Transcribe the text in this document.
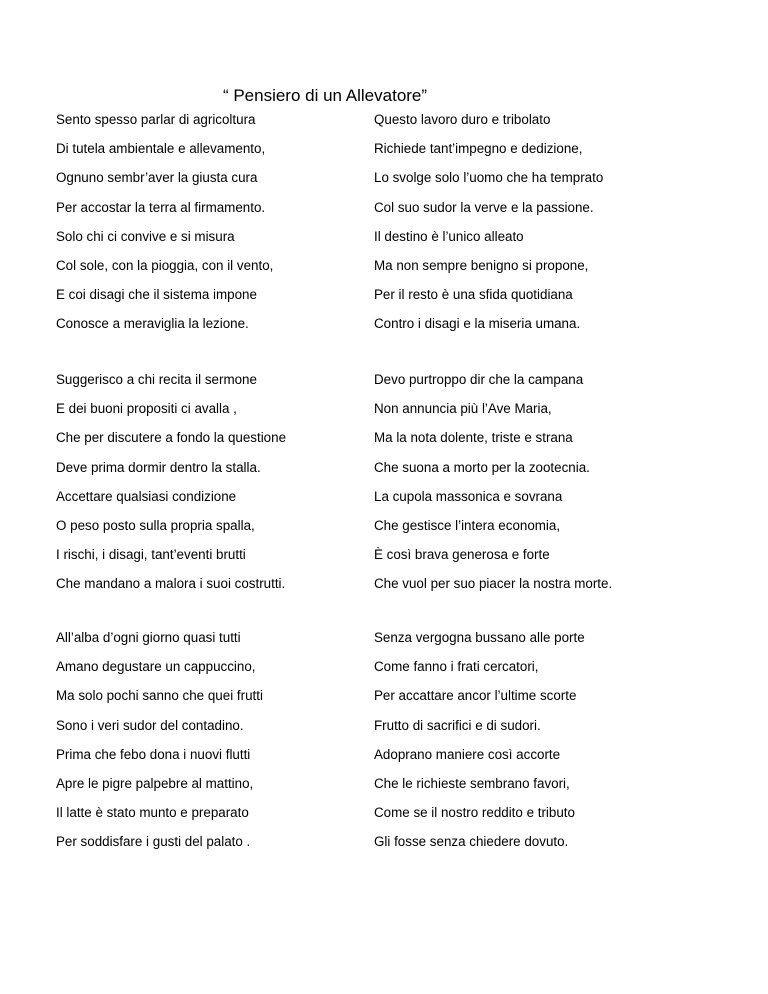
“ Pensiero di un Allevatore”
Sento spesso parlar di agricoltura
Di tutela ambientale e allevamento,
Ognuno sembr’aver la giusta cura
Per accostar la terra al firmamento.
Solo chi ci convive e si misura
Col sole, con la pioggia, con il vento,
E coi disagi che il sistema impone
Conosce a meraviglia la lezione.
Questo lavoro duro e tribolato
Richiede tant’impegno e dedizione,
Lo svolge solo l’uomo che ha temprato
Col suo sudor la verve e la passione.
Il destino è l’unico alleato
Ma non sempre benigno si propone,
Per il resto è una sfida quotidiana
Contro i disagi e la miseria umana.
Suggerisco a chi recita il sermone
E dei buoni propositi ci avalla ,
Che per discutere a fondo la questione
Deve prima dormir dentro la stalla.
Accettare qualsiasi condizione
O peso posto sulla propria spalla,
I rischi, i disagi, tant’eventi brutti
Che mandano a malora i suoi costrutti.
Devo purtroppo dir che la campana
Non annuncia più l’Ave Maria,
Ma la nota dolente, triste e strana
Che suona a morto per la zootecnia.
La cupola massonica e sovrana
Che gestisce l’intera economia,
È così brava generosa e forte
Che vuol per suo piacer la nostra morte.
All’alba d’ogni giorno quasi tutti
Amano degustare un cappuccino,
Ma solo pochi sanno che quei frutti
Sono i veri sudor del contadino.
Prima che febo dona i nuovi flutti
Apre le pigre palpebre al mattino,
Il latte è stato munto e preparato
Per soddisfare i gusti del palato .
Senza vergogna bussano alle porte
Come fanno i frati cercatori,
Per accattare ancor l’ultime scorte
Frutto di sacrifici e di sudori.
Adoprano maniere così accorte
Che le richieste sembrano favori,
Come se il nostro reddito e tributo
Gli fosse senza chiedere dovuto.
